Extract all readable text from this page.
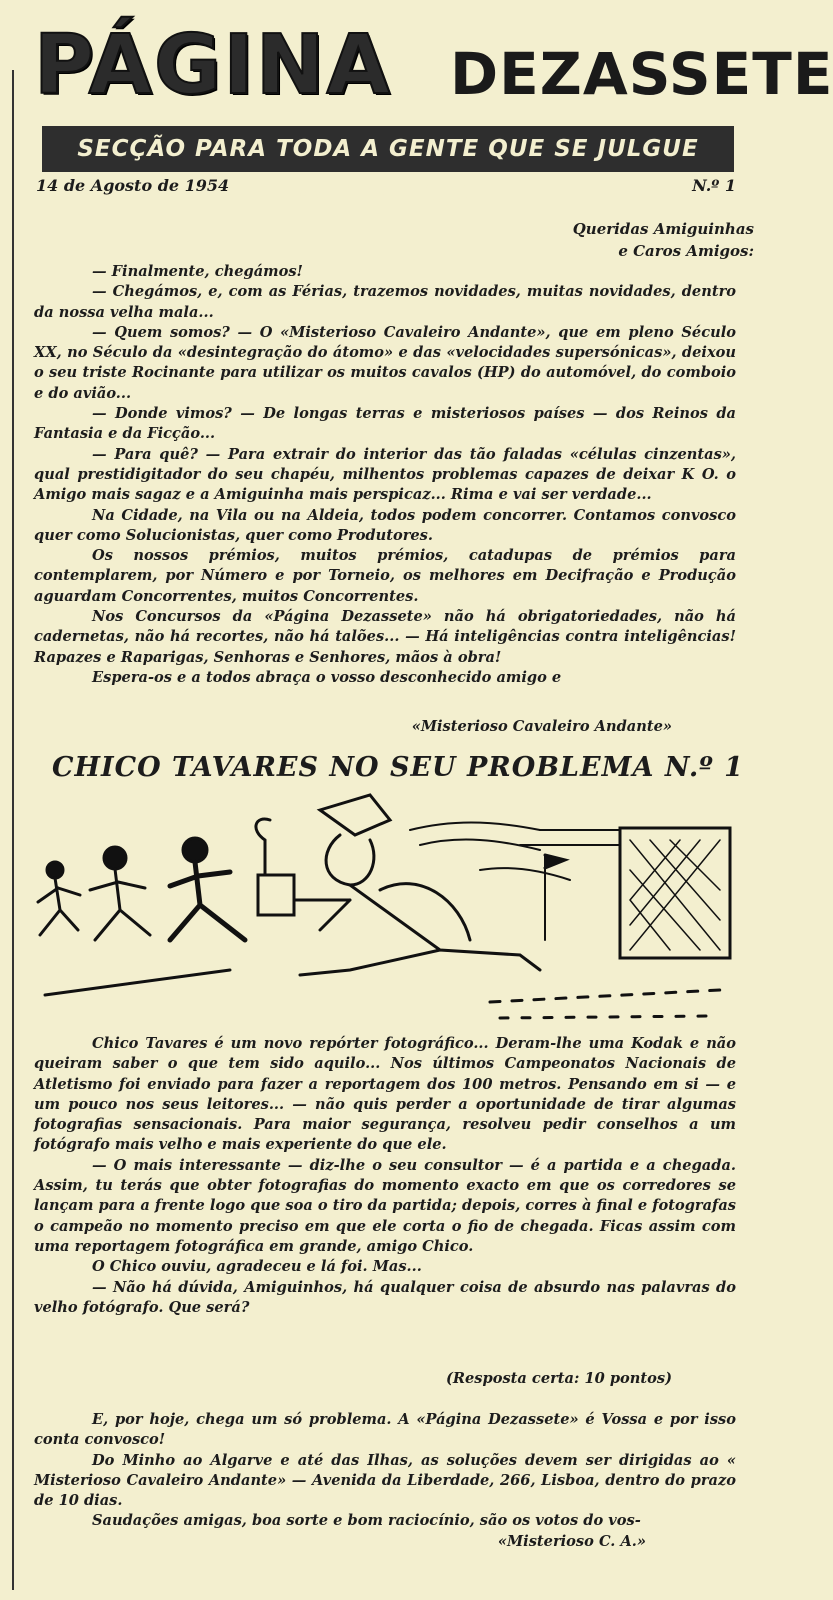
PÁGINA DEZASSETE
SECÇÃO PARA TODA A GENTE QUE SE JULGUE INTELIGENTE
14 de Agosto de 1954	N.º 1
Queridas Amiguinhas
e Caros Amigos:

— Finalmente, chegámos!

— Chegámos, e, com as Férias, trazemos novidades, muitas novidades, dentro da nossa velha mala...

— Quem somos? — O «Misterioso Cavaleiro Andante», que em pleno Século XX, no Século da «desintegração do átomo» e das «velocidades supersónicas», deixou o seu triste Rocinante para utilizar os muitos cavalos (HP) do automóvel, do comboio e do avião...

— Donde vimos? — De longas terras e misteriosos países — dos Reinos da Fantasia e da Ficção...

— Para quê? — Para extrair do interior das tão faladas «células cinzentas», qual prestidigitador do seu chapéu, milhentos problemas capazes de deixar K O. o Amigo mais sagaz e a Amiguinha mais perspicaz... Rima e vai ser verdade...

Na Cidade, na Vila ou na Aldeia, todos podem concorrer. Contamos convosco quer como Solucionistas, quer como Produtores.

Os nossos prémios, muitos prémios, catadupas de prémios para contemplarem, por Número e por Torneio, os melhores em Decifração e Produção aguardam Concorrentes, muitos Concorrentes.

Nos Concursos da «Página Dezassete» não há obrigatoriedades, não há cadernetas, não há recortes, não há talões... — Há inteligências contra inteligências! Rapazes e Raparigas, Senhoras e Senhores, mãos à obra!

Espera-os e a todos abraça o vosso desconhecido amigo e

«Misterioso Cavaleiro Andante»
CHICO TAVARES NO SEU PROBLEMA N.º 1

Chico Tavares é um novo repórter fotográfico... Deram-lhe uma Kodak e não queiram saber o que tem sido aquilo... Nos últimos Campeonatos Nacionais de Atletismo foi enviado para fazer a reportagem dos 100 metros. Pensando em si — e um pouco nos seus leitores... — não quis perder a oportunidade de tirar algumas fotografias sensacionais. Para maior segurança, resolveu pedir conselhos a um fotógrafo mais velho e mais experiente do que ele.

— O mais interessante — diz-lhe o seu consultor — é a partida e a chegada. Assim, tu terás que obter fotografias do momento exacto em que os corredores se lançam para a frente logo que soa o tiro da partida; depois, corres à final e fotografas o campeão no momento preciso em que ele corta o fio de chegada. Ficas assim com uma reportagem fotográfica em grande, amigo Chico.

O Chico ouviu, agradeceu e lá foi. Mas...

— Não há dúvida, Amiguinhos, há qualquer coisa de absurdo nas palavras do velho fotógrafo. Que será?

(Resposta certa: 10 pontos)

E, por hoje, chega um só problema. A «Página Dezassete» é Vossa e por isso conta convosco!

Do Minho ao Algarve e até das Ilhas, as soluções devem ser dirigidas ao « Misterioso Cavaleiro Andante» — Avenida da Liberdade, 266, Lisboa, dentro do prazo de 10 dias.

Saudações amigas, boa sorte e bom raciocínio, são os votos do vos-

«Misterioso C. A.»
